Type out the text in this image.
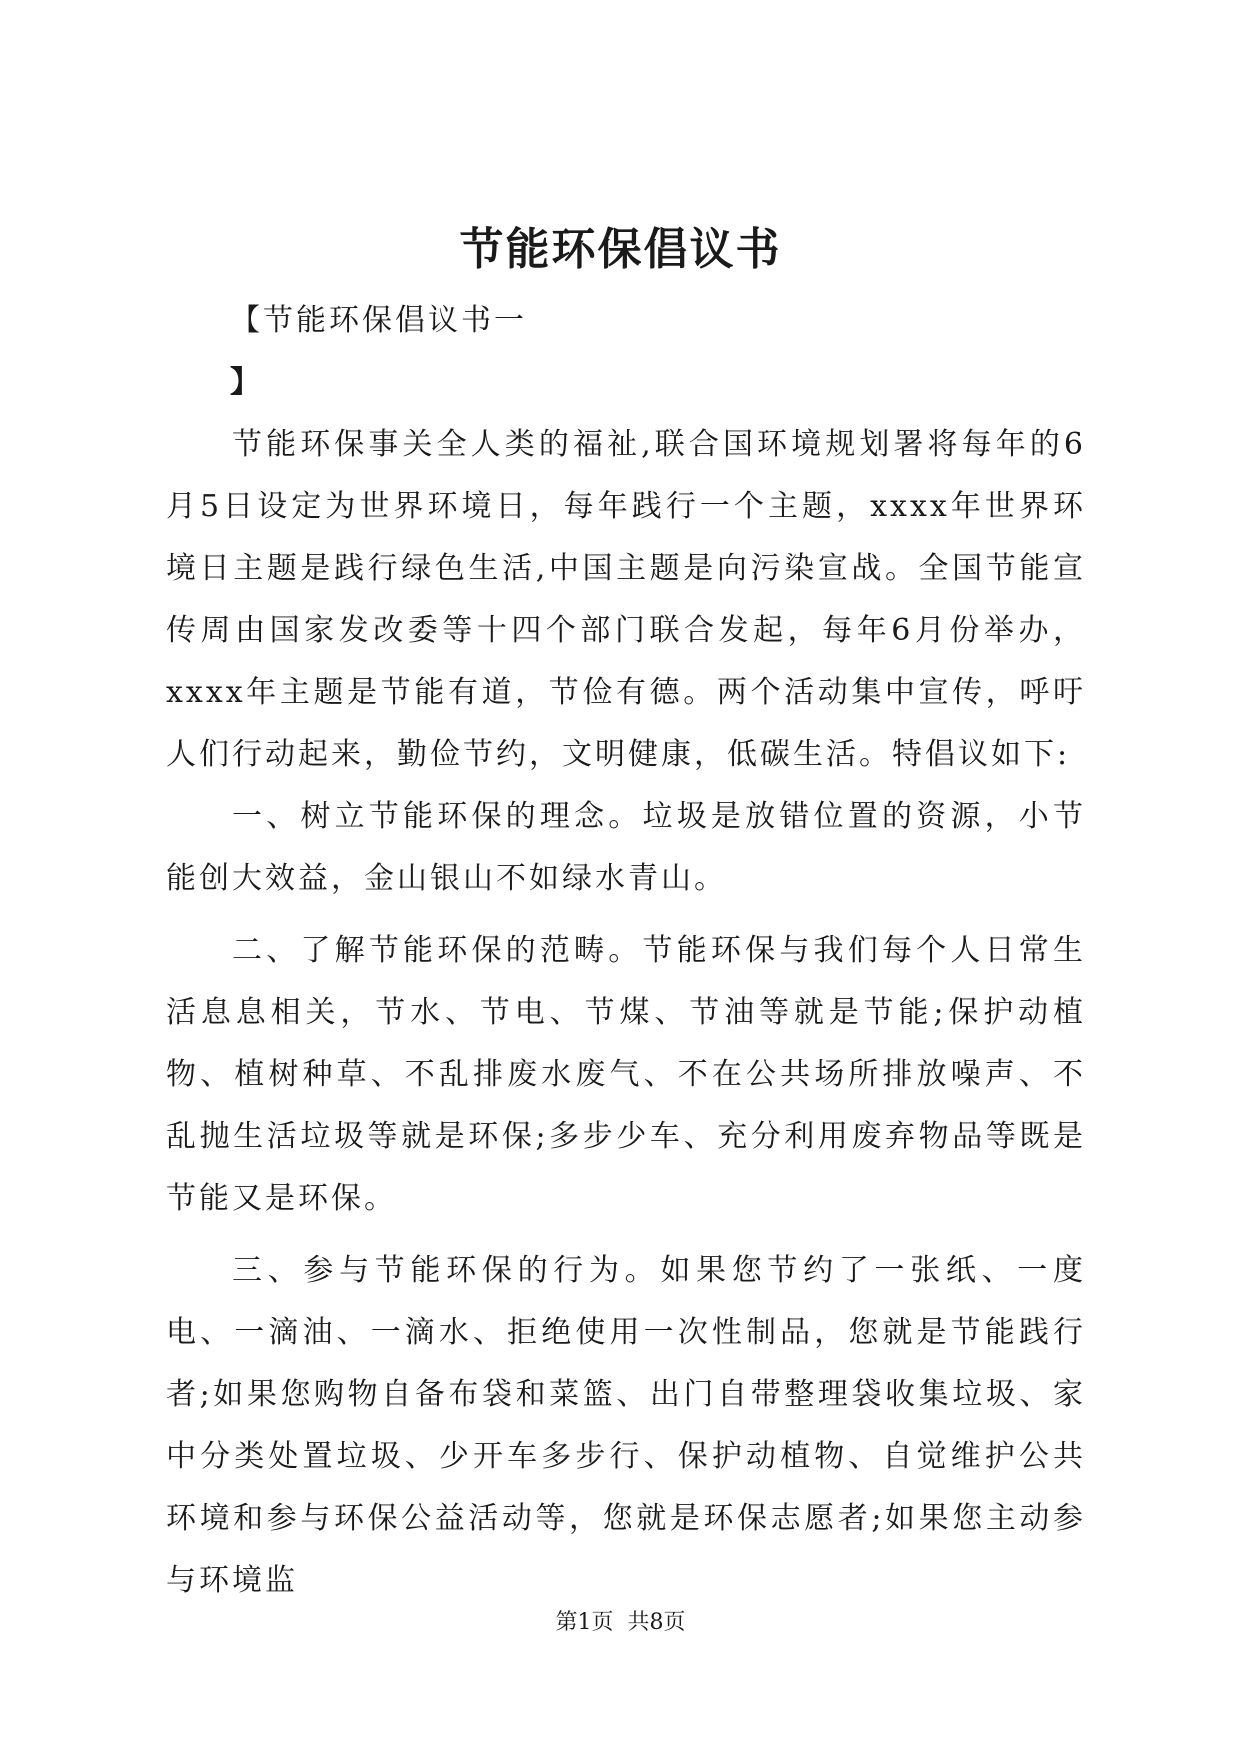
节能环保倡议书

【节能环保倡议书一

】

节能环保事关全人类的福祉,联合国环境规划署将每年的6月5日设定为世界环境日，每年践行一个主题，xxxx年世界环境日主题是践行绿色生活,中国主题是向污染宣战。全国节能宣传周由国家发改委等十四个部门联合发起，每年6月份举办，xxxx年主题是节能有道，节俭有德。两个活动集中宣传，呼吁人们行动起来，勤俭节约，文明健康，低碳生活。特倡议如下:

一、树立节能环保的理念。垃圾是放错位置的资源，小节能创大效益，金山银山不如绿水青山。

二、了解节能环保的范畴。节能环保与我们每个人日常生活息息相关，节水、节电、节煤、节油等就是节能;保护动植物、植树种草、不乱排废水废气、不在公共场所排放噪声、不乱抛生活垃圾等就是环保;多步少车、充分利用废弃物品等既是节能又是环保。

三、参与节能环保的行为。如果您节约了一张纸、一度电、一滴油、一滴水、拒绝使用一次性制品，您就是节能践行者;如果您购物自备布袋和菜篮、出门自带整理袋收集垃圾、家中分类处置垃圾、少开车多步行、保护动植物、自觉维护公共环境和参与环保公益活动等，您就是环保志愿者;如果您主动参与环境监

第1页 共8页
